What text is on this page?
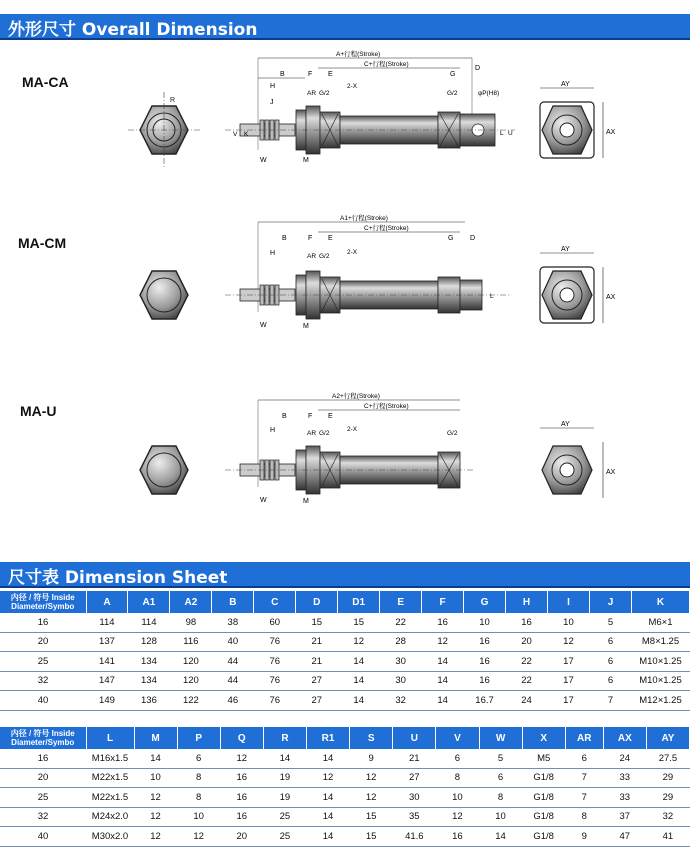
外形尺寸 Overall Dimension
MA-CA
MA-CM
MA-U
R
A+行程(Stroke)
C+行程(Stroke)
B	F E	G
D
H
J
AR G/2
2-X
G/2	φP(H8)
K
V
W	M
L U
AY
AX
A1+行程(Stroke)
C+行程(Stroke)
B	F E	G D
H	AR G/2
2-X
W	M
L
AY
AX
A2+行程(Stroke)
C+行程(Stroke)
B	F E
H	AR G/2
2-X
G/2
W	M
AY
AX
尺寸表 Dimension Sheet
内径 / 符号 Inside Diameter/Symbo	A	A1	A2	B	C	D	D1	E	F	G	H	I	J	K
16	114	114	98	38	60	15	15	22	16	10	16	10	5	M6×1
20	137	128	116	40	76	21	12	28	12	16	20	12	6	M8×1.25
25	141	134	120	44	76	21	14	30	14	16	22	17	6	M10×1.25
32	147	134	120	44	76	27	14	30	14	16	22	17	6	M10×1.25
40	149	136	122	46	76	27	14	32	14	16.7	24	17	7	M12×1.25
内径 / 符号 Inside Diameter/Symbo	L	M	P	Q	R	R1	S	U	V	W	X	AR	AX	AY
16	M16x1.5	14	6	12	14	14	9	21	6	5	M5	6	24	27.5
20	M22x1.5	10	8	16	19	12	12	27	8	6	G1/8	7	33	29
25	M22x1.5	12	8	16	19	14	12	30	10	8	G1/8	7	33	29
32	M24x2.0	12	10	16	25	14	15	35	12	10	G1/8	8	37	32
40	M30x2.0	12	12	20	25	14	15	41.6	16	14	G1/8	9	47	41
